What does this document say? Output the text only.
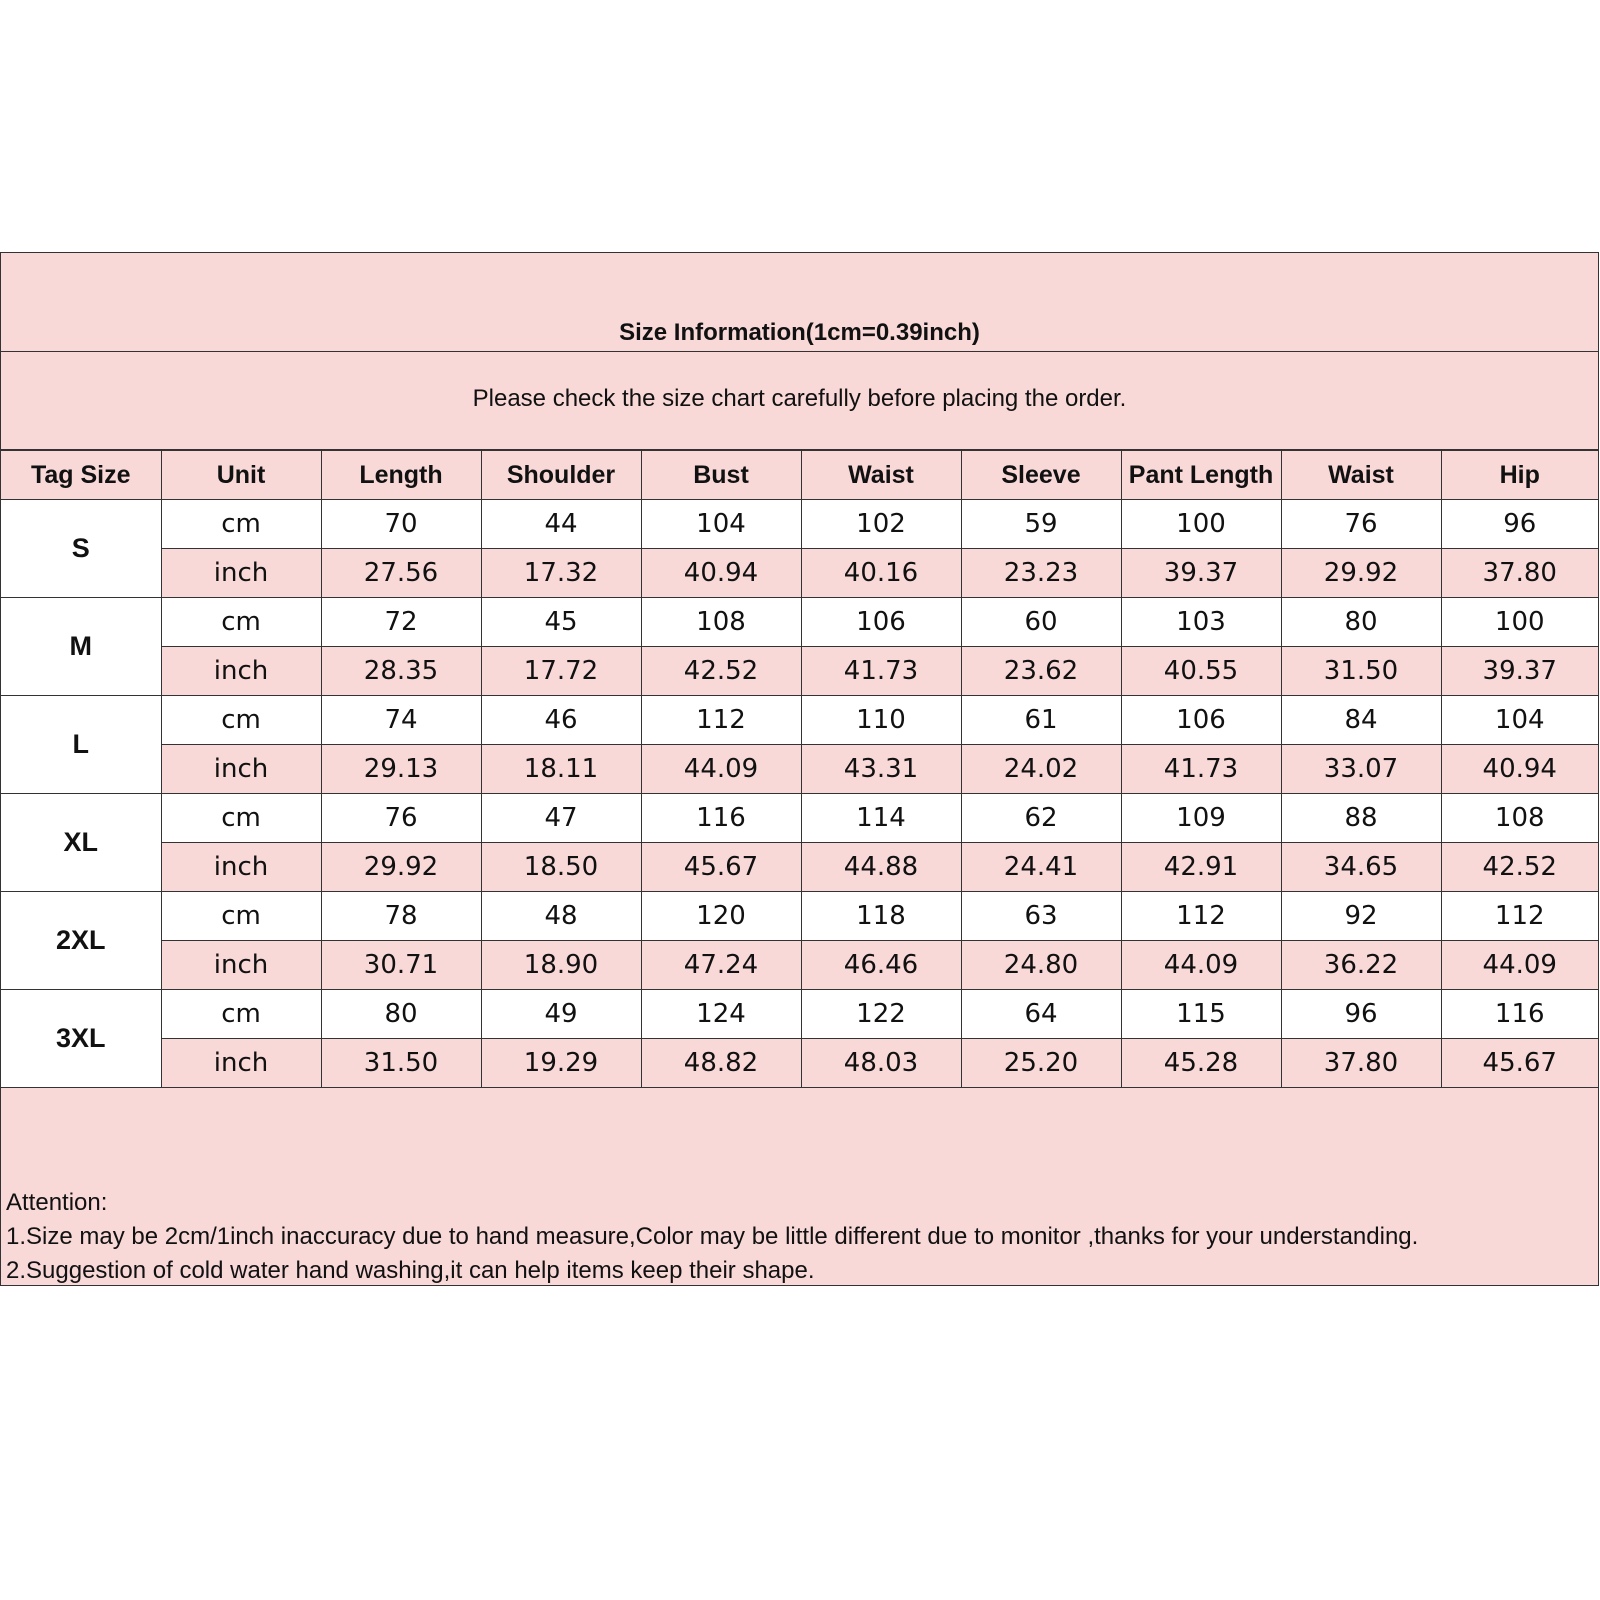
Size Information(1cm=0.39inch)
Please check the size chart carefully before placing the order.
Tag Size	Unit	Length	Shoulder	Bust	Waist	Sleeve	Pant Length	Waist	Hip
S	cm	70	44	104	102	59	100	76	96
	inch	27.56	17.32	40.94	40.16	23.23	39.37	29.92	37.80
M	cm	72	45	108	106	60	103	80	100
	inch	28.35	17.72	42.52	41.73	23.62	40.55	31.50	39.37
L	cm	74	46	112	110	61	106	84	104
	inch	29.13	18.11	44.09	43.31	24.02	41.73	33.07	40.94
XL	cm	76	47	116	114	62	109	88	108
	inch	29.92	18.50	45.67	44.88	24.41	42.91	34.65	42.52
2XL	cm	78	48	120	118	63	112	92	112
	inch	30.71	18.90	47.24	46.46	24.80	44.09	36.22	44.09
3XL	cm	80	49	124	122	64	115	96	116
	inch	31.50	19.29	48.82	48.03	25.20	45.28	37.80	45.67
Attention:
1.Size may be 2cm/1inch inaccuracy due to hand measure,Color may be little different due to monitor ,thanks for your understanding.
2.Suggestion of cold water hand washing,it can help items keep their shape.
